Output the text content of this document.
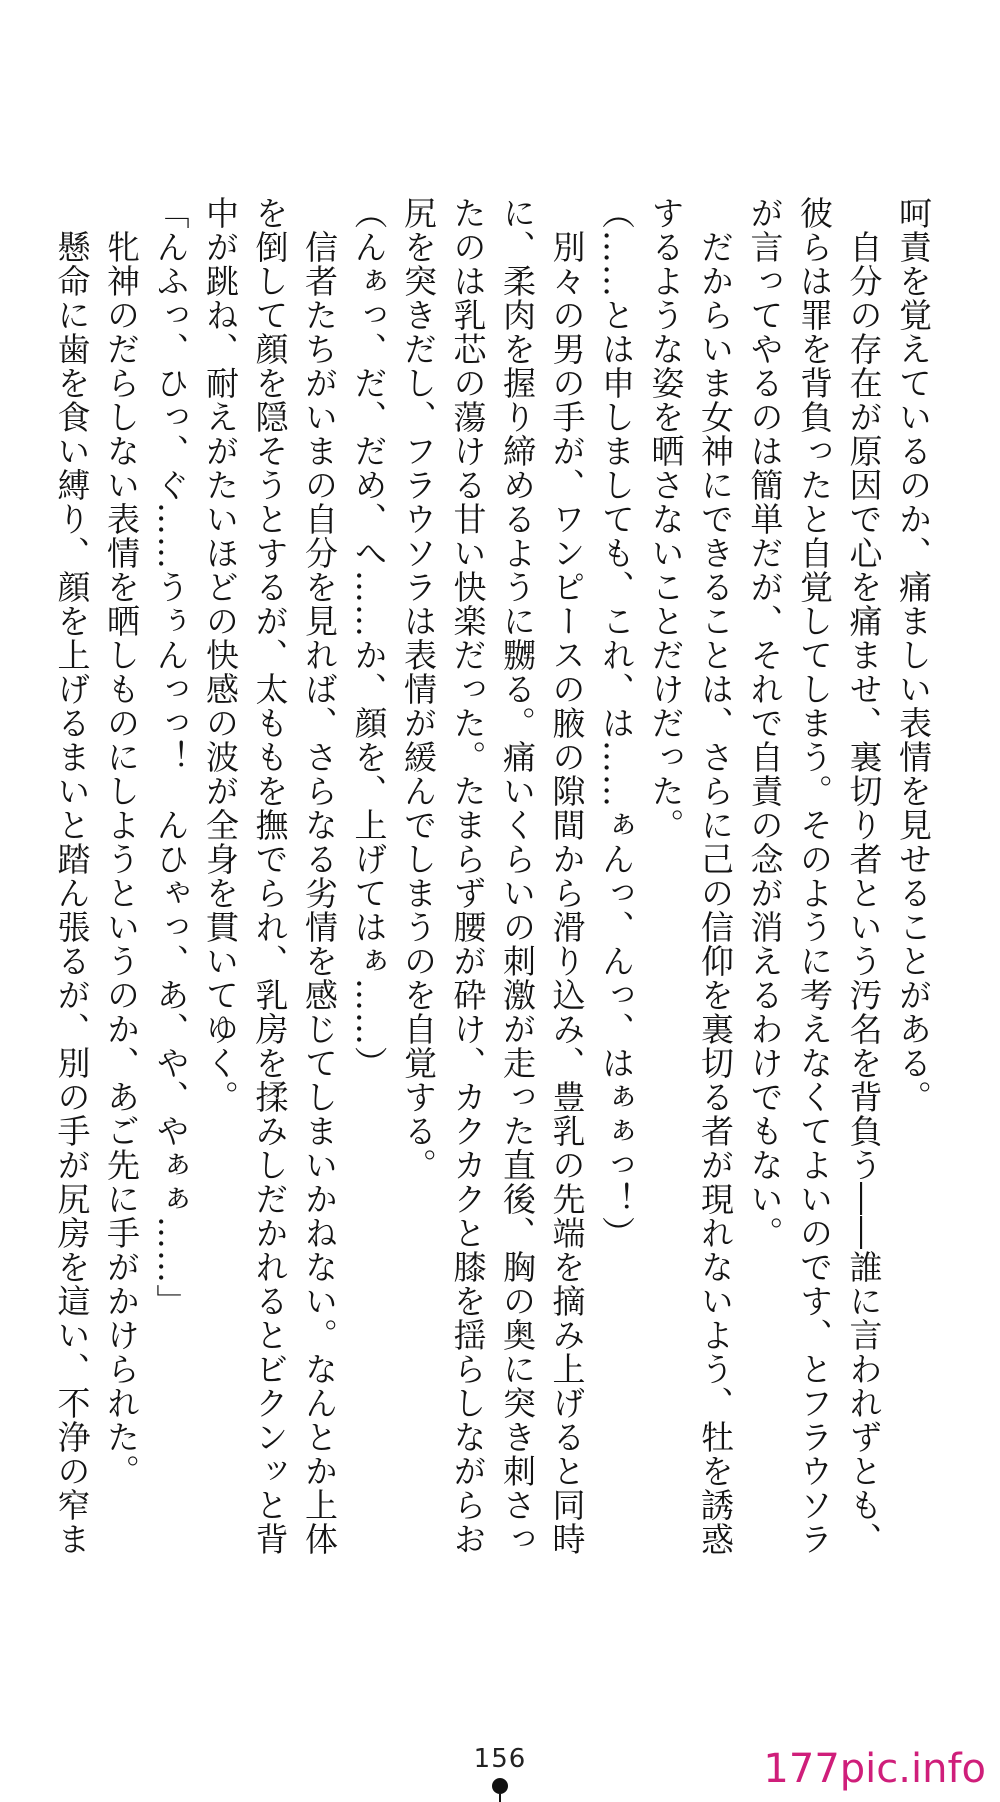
呵責を覚えているのか、痛ましい表情を見せることがある。
　自分の存在が原因で心を痛ませ、裏切り者という汚名を背負う――誰に言われずとも、
彼らは罪を背負ったと自覚してしまう。そのように考えなくてよいのです、とフラウソラ
が言ってやるのは簡単だが、それで自責の念が消えるわけでもない。
　だからいま女神にできることは、さらに己の信仰を裏切る者が現れないよう、牡を誘惑
するような姿を晒さないことだけだった。
（……とは申しましても、これ、は……ぁんっ、んっ、はぁぁっ！）
　別々の男の手が、ワンピースの腋の隙間から滑り込み、豊乳の先端を摘み上げると同時
に、柔肉を握り締めるように嬲る。痛いくらいの刺激が走った直後、胸の奥に突き刺さっ
たのは乳芯の蕩ける甘い快楽だった。たまらず腰が砕け、カクカクと膝を揺らしながらお
尻を突きだし、フラウソラは表情が緩んでしまうのを自覚する。
（んぁっ、だ、だめ、へ……か、顔を、上げてはぁ……）
　信者たちがいまの自分を見れば、さらなる劣情を感じてしまいかねない。なんとか上体
を倒して顔を隠そうとするが、太ももを撫でられ、乳房を揉みしだかれるとビクンッと背
中が跳ね、耐えがたいほどの快感の波が全身を貫いてゆく。
「んふっ、ひっ、ぐ……うぅんっっ！　んひゃっ、あ、や、やぁぁ……」
　牝神のだらしない表情を晒しものにしようというのか、あご先に手がかけられた。
　懸命に歯を食い縛り、顔を上げるまいと踏ん張るが、別の手が尻房を這い、不浄の窄ま
156	177pic.info
